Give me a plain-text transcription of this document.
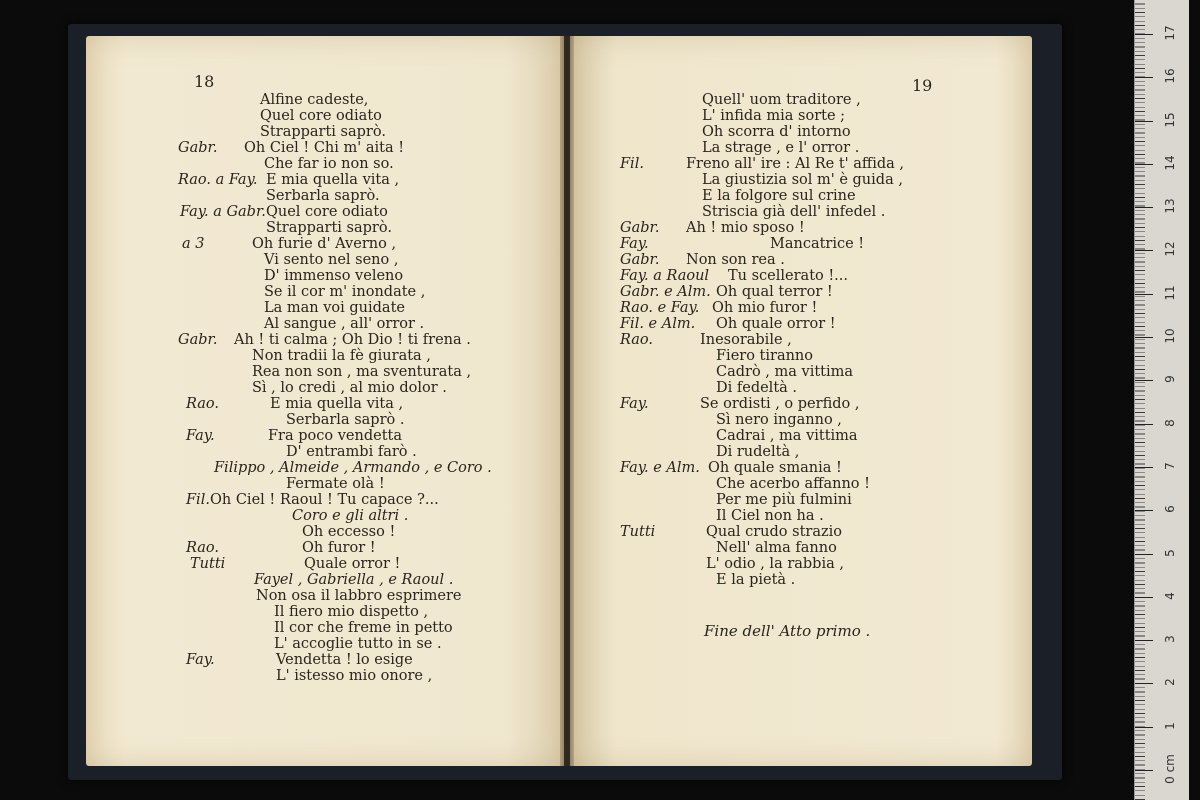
18
Alfine cadeste,
Quel core odiato
Strapparti saprò.
Gabr. Oh Ciel ! Chi m' aita !
Che far io non so.
Rao. a Fay. E mia quella vita ,
Serbarla saprò.
Fay. a Gabr. Quel core odiato
Strapparti saprò.
a 3	Oh furie d' Averno ,
Vi sento nel seno ,
D' immenso veleno
Se il cor m' inondate ,
La man voi guidate
Al sangue , all' orror .
Gabr. Ah ! ti calma ; Oh Dio ! ti frena .
Non tradii la fè giurata ,
Rea non son , ma sventurata ,
Sì , lo credi , al mio dolor .
Rao.	E mia quella vita ,
Serbarla saprò .
Fay.	Fra poco vendetta
D' entrambi farò .
Filippo , Almeide , Armando , e Coro .
Fermate olà !
Fil. Oh Ciel ! Raoul ! Tu capace ?...
Coro e gli altri .
Oh eccesso !
Rao.	Oh furor !
Tutti	Quale orror !
Fayel , Gabriella , e Raoul .
Non osa il labbro esprimere
Il fiero mio dispetto ,
Il cor che freme in petto
L' accoglie tutto in se .
Fay.	Vendetta ! lo esige
L' istesso mio onore ,
19
Quell' uom traditore ,
L' infida mia sorte ;
Oh scorra d' intorno
La strage , e l' orror .
Fil.	Freno all' ire : Al Re t' affida ,
La giustizia sol m' è guida ,
E la folgore sul crine
Striscia già dell' infedel .
Gabr. Ah ! mio sposo !
Fay.	Mancatrice !
Gabr. Non son rea .
Fay. a Raoul Tu scellerato !...
Gabr. e Alm. Oh qual terror !
Rao. e Fay. Oh mio furor !
Fil. e Alm. Oh quale orror !
Rao.	Inesorabile ,
Fiero tiranno
Cadrò , ma vittima
Di fedeltà .
Fay.	Se ordisti , o perfido ,
Sì nero inganno ,
Cadrai , ma vittima
Di rudeltà ,
Fay. e Alm. Oh quale smania !
Che acerbo affanno !
Per me più fulmini
Il Ciel non ha .
Tutti	Qual crudo strazio
Nell' alma fanno
L' odio , la rabbia ,
E la pietà .
Fine dell' Atto primo .
0 cm
1
2
3
4
5
6
7
8
9
10
11
12
13
14
15
16
17
